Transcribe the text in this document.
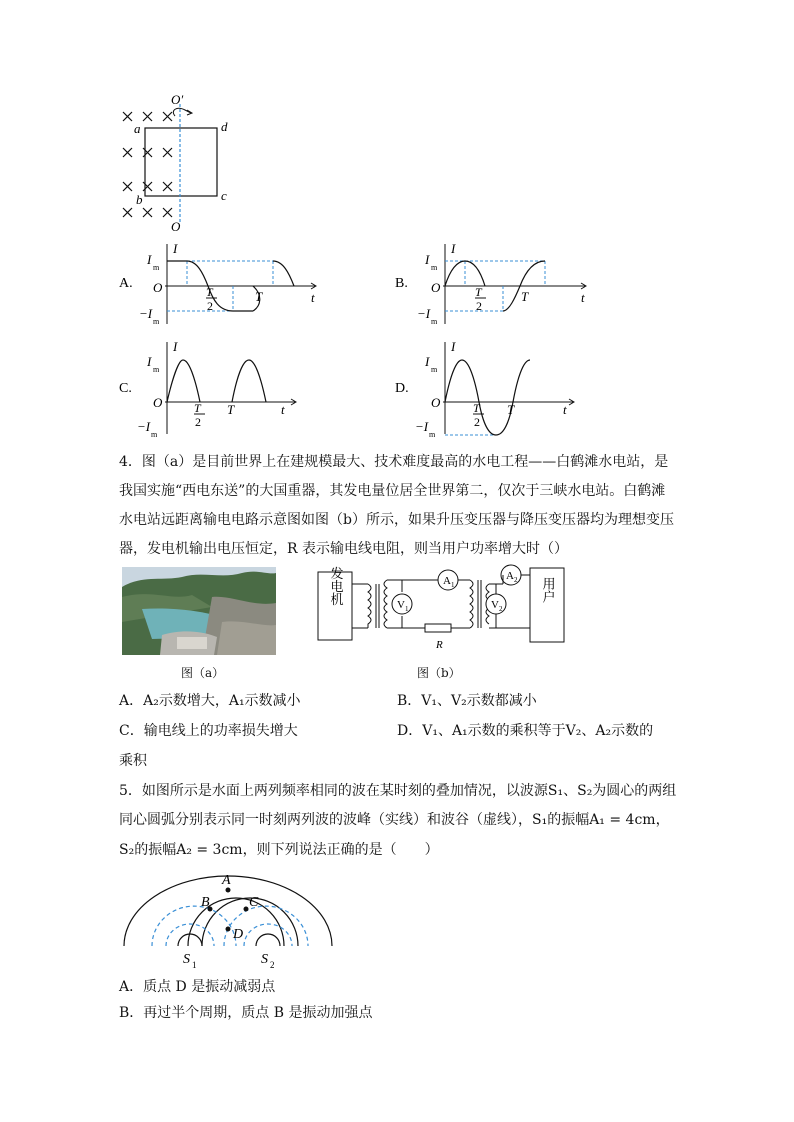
O′
a	d
b	c
O
A.
I
t
O
I
m
−I
m
T
2
T
B.
I
t
O
I
m
−I
m
T
2
T
C.
I
t
O
I
m
−I
m
T
2
T
D.
I
t
O
I
m
−I
m
T
2
T
4．图（a）是目前世界上在建规模最大、技术难度最高的水电工程——白鹤滩水电站，是
我国实施“西电东送”的大国重器，其发电量位居全世界第二，仅次于三峡水电站。白鹤滩
水电站远距离输电电路示意图如图（b）所示，如果升压变压器与降压变压器均为理想变压
器，发电机输出电压恒定，R 表示输电线电阻，则当用户功率增大时（）
图（a）
发电机
R
V 1
A 1
V 2
A 2 用户
图（b）
A．A₂示数增大，A₁示数减小	B．V₁、V₂示数都减小
C．输电线上的功率损失增大	D．V₁、A₁示数的乘积等于V₂、A₂示数的
乘积
5．如图所示是水面上两列频率相同的波在某时刻的叠加情况，以波源S₁、S₂为圆心的两组
同心圆弧分别表示同一时刻两列波的波峰（实线）和波谷（虚线），S₁的振幅A₁ = 4cm，
S₂的振幅A₂ = 3cm，则下列说法正确的是（　　）
A
B	C
D
S 1	S 2
A．质点 D 是振动减弱点
B．再过半个周期，质点 B 是振动加强点
